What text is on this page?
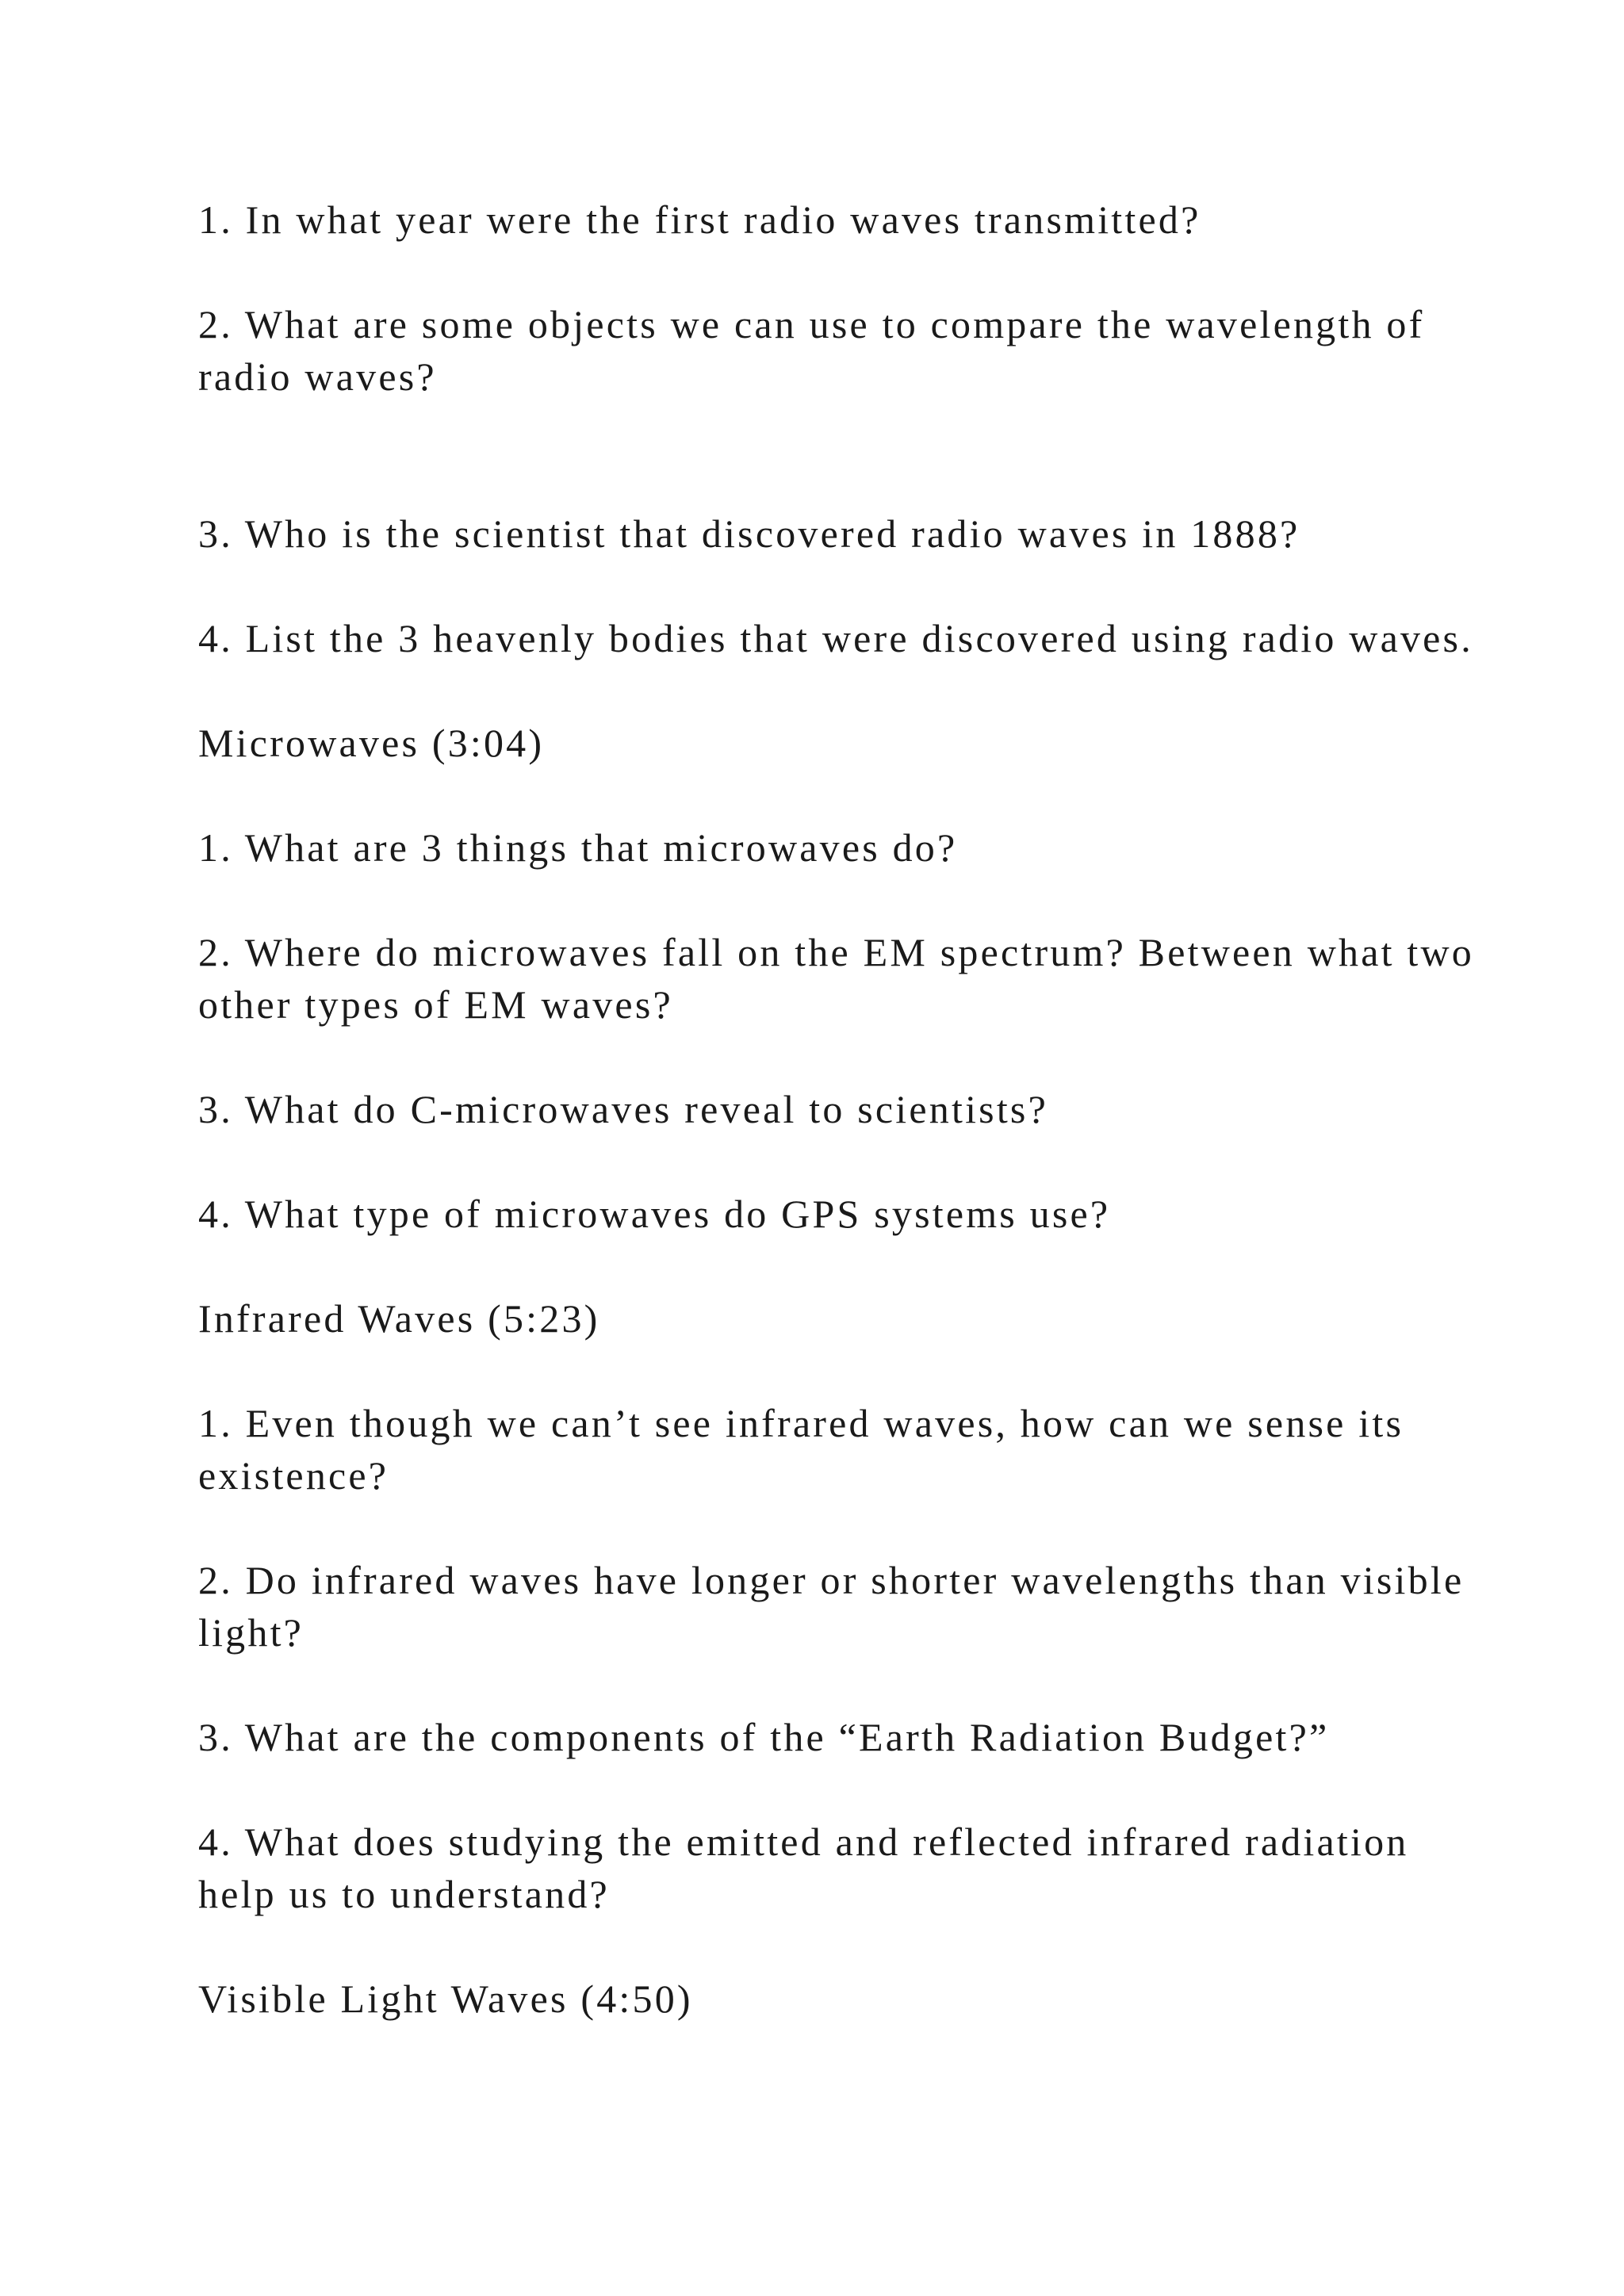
1. In what year were the first radio waves transmitted?

2. What are some objects we can use to compare the wavelength of radio waves?

3. Who is the scientist that discovered radio waves in 1888?

4. List the 3 heavenly bodies that were discovered using radio waves.

Microwaves (3:04)

1. What are 3 things that microwaves do?

2. Where do microwaves fall on the EM spectrum? Between what two other types of EM waves?

3. What do C-microwaves reveal to scientists?

4. What type of microwaves do GPS systems use?

Infrared Waves (5:23)

1. Even though we can’t see infrared waves, how can we sense its existence?

2. Do infrared waves have longer or shorter wavelengths than visible light?

3. What are the components of the “Earth Radiation Budget?”

4. What does studying the emitted and reflected infrared radiation help us to understand?

Visible Light Waves (4:50)
